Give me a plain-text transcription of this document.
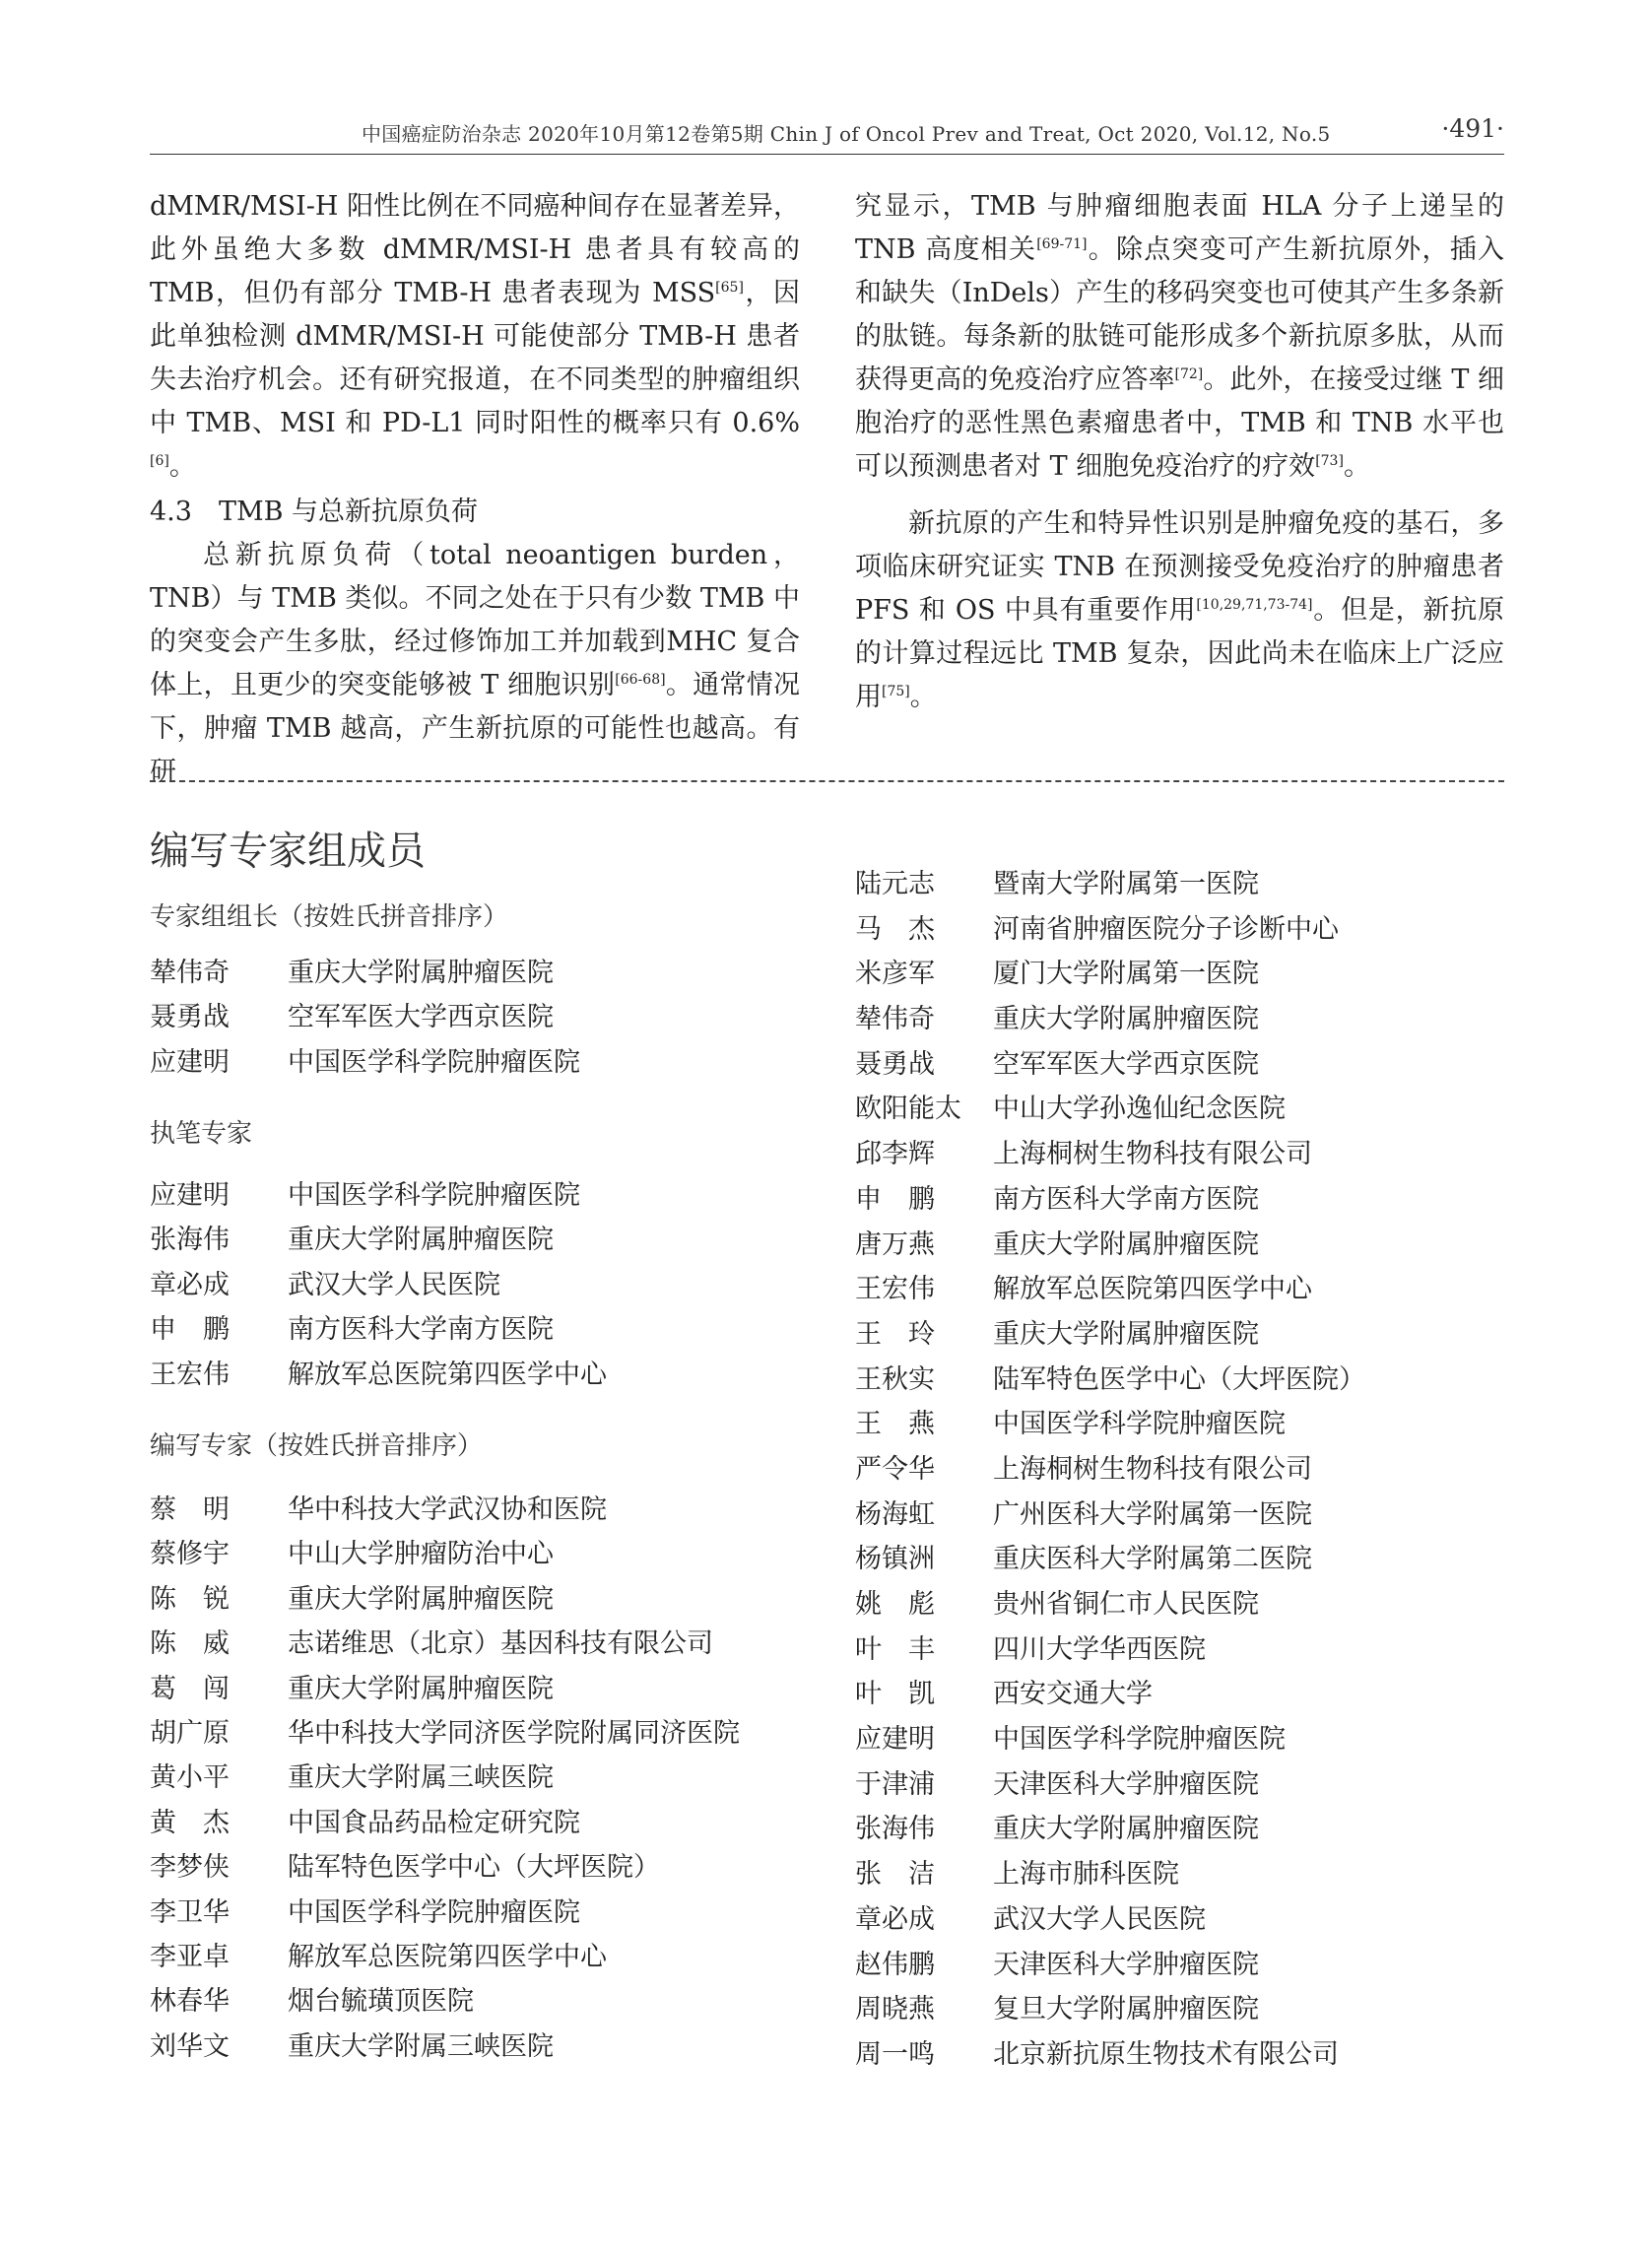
中国癌症防治杂志 2020年10月第12卷第5期 Chin J of Oncol Prev and Treat, Oct 2020, Vol.12, No.5	·491·

dMMR/MSI-H 阳性比例在不同癌种间存在显著差异，此外虽绝大多数 dMMR/MSI-H 患者具有较高的 TMB，但仍有部分 TMB-H 患者表现为 MSS[65]，因此单独检测 dMMR/MSI-H 可能使部分 TMB-H 患者失去治疗机会。还有研究报道，在不同类型的肿瘤组织中 TMB、MSI 和 PD-L1 同时阳性的概率只有 0.6%[6]。

4.3　TMB 与总新抗原负荷

总新抗原负荷（total neoantigen burden，TNB）与 TMB 类似。不同之处在于只有少数 TMB 中的突变会产生多肽，经过修饰加工并加载到MHC 复合体上，且更少的突变能够被 T 细胞识别[66-68]。通常情况下，肿瘤 TMB 越高，产生新抗原的可能性也越高。有研

究显示，TMB 与肿瘤细胞表面 HLA 分子上递呈的 TNB 高度相关[69-71]。除点突变可产生新抗原外，插入和缺失（InDels）产生的移码突变也可使其产生多条新的肽链。每条新的肽链可能形成多个新抗原多肽，从而获得更高的免疫治疗应答率[72]。此外，在接受过继 T 细胞治疗的恶性黑色素瘤患者中，TMB 和 TNB 水平也可以预测患者对 T 细胞免疫治疗的疗效[73]。

新抗原的产生和特异性识别是肿瘤免疫的基石，多项临床研究证实 TNB 在预测接受免疫治疗的肿瘤患者 PFS 和 OS 中具有重要作用[10,29,71,73-74]。但是，新抗原的计算过程远比 TMB 复杂，因此尚未在临床上广泛应用[75]。

编写专家组成员
专家组组长（按姓氏拼音排序）
辇伟奇 重庆大学附属肿瘤医院
聂勇战 空军军医大学西京医院
应建明 中国医学科学院肿瘤医院
执笔专家
应建明 中国医学科学院肿瘤医院
张海伟 重庆大学附属肿瘤医院
章必成 武汉大学人民医院
申　鹏 南方医科大学南方医院
王宏伟 解放军总医院第四医学中心
编写专家（按姓氏拼音排序）
蔡　明 华中科技大学武汉协和医院
蔡修宇 中山大学肿瘤防治中心
陈　锐 重庆大学附属肿瘤医院
陈　威 志诺维思（北京）基因科技有限公司
葛　闯 重庆大学附属肿瘤医院
胡广原 华中科技大学同济医学院附属同济医院
黄小平 重庆大学附属三峡医院
黄　杰 中国食品药品检定研究院
李梦侠 陆军特色医学中心（大坪医院）
李卫华 中国医学科学院肿瘤医院
李亚卓 解放军总医院第四医学中心
林春华 烟台毓璜顶医院
刘华文 重庆大学附属三峡医院
陆元志 暨南大学附属第一医院
马　杰 河南省肿瘤医院分子诊断中心
米彦军 厦门大学附属第一医院
辇伟奇 重庆大学附属肿瘤医院
聂勇战 空军军医大学西京医院
欧阳能太 中山大学孙逸仙纪念医院
邱李辉 上海桐树生物科技有限公司
申　鹏 南方医科大学南方医院
唐万燕 重庆大学附属肿瘤医院
王宏伟 解放军总医院第四医学中心
王　玲 重庆大学附属肿瘤医院
王秋实 陆军特色医学中心（大坪医院）
王　燕 中国医学科学院肿瘤医院
严令华 上海桐树生物科技有限公司
杨海虹 广州医科大学附属第一医院
杨镇洲 重庆医科大学附属第二医院
姚　彪 贵州省铜仁市人民医院
叶　丰 四川大学华西医院
叶　凯 西安交通大学
应建明 中国医学科学院肿瘤医院
于津浦 天津医科大学肿瘤医院
张海伟 重庆大学附属肿瘤医院
张　洁 上海市肺科医院
章必成 武汉大学人民医院
赵伟鹏 天津医科大学肿瘤医院
周晓燕 复旦大学附属肿瘤医院
周一鸣 北京新抗原生物技术有限公司
